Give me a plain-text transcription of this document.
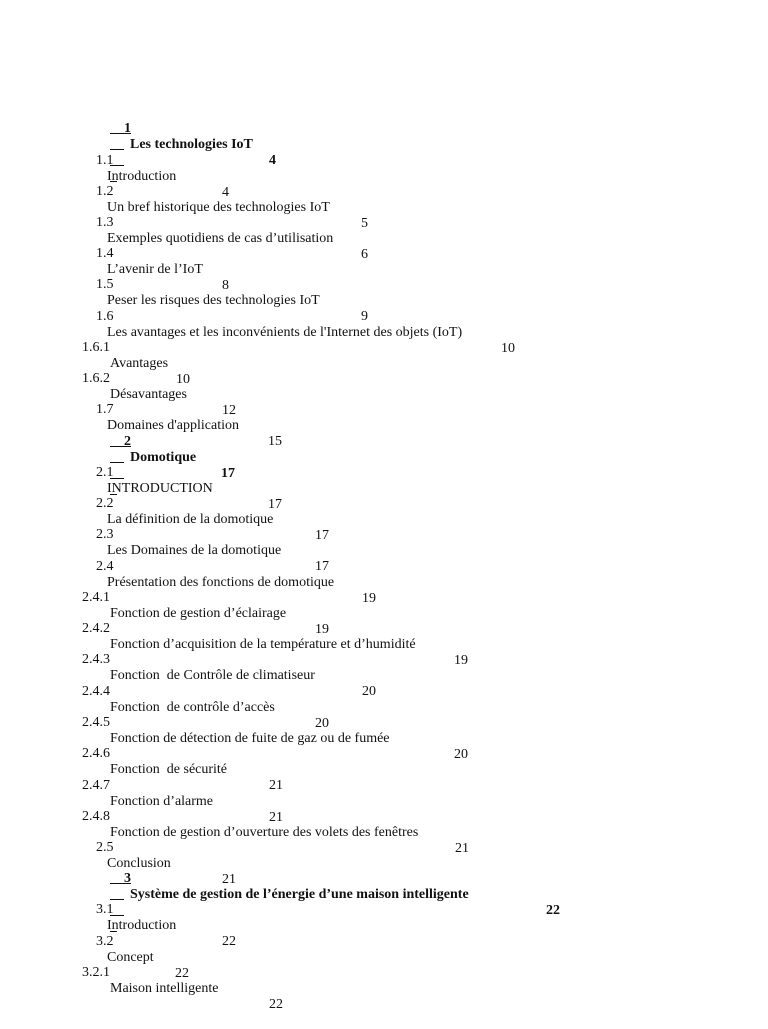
1

Les technologies IoT

4

1.1

Introduction

4

1.2

Un bref historique des technologies IoT

5

1.3

Exemples quotidiens de cas d’utilisation

6

1.4

L’avenir de l’IoT

8

1.5

Peser les risques des technologies IoT

9

1.6

Les avantages et les inconvénients de l'Internet des objets (IoT)

10

1.6.1

Avantages

10

1.6.2

Désavantages

12

1.7

Domaines d'application

15

2

Domotique

17

2.1

INTRODUCTION

17

2.2

La définition de la domotique

17

2.3

Les Domaines de la domotique

17

2.4

Présentation des fonctions de domotique

19

2.4.1

Fonction de gestion d’éclairage

19

2.4.2

Fonction d’acquisition de la température et d’humidité

19

2.4.3

Fonction  de Contrôle de climatiseur

20

2.4.4

Fonction  de contrôle d’accès

20

2.4.5

Fonction de détection de fuite de gaz ou de fumée

20

2.4.6

Fonction  de sécurité

21

2.4.7

Fonction d’alarme

21

2.4.8

Fonction de gestion d’ouverture des volets des fenêtres

21

2.5

Conclusion

21

3

Système de gestion de l’énergie d’une maison intelligente

22

3.1

Introduction

22

3.2

Concept

22

3.2.1

Maison intelligente

22
